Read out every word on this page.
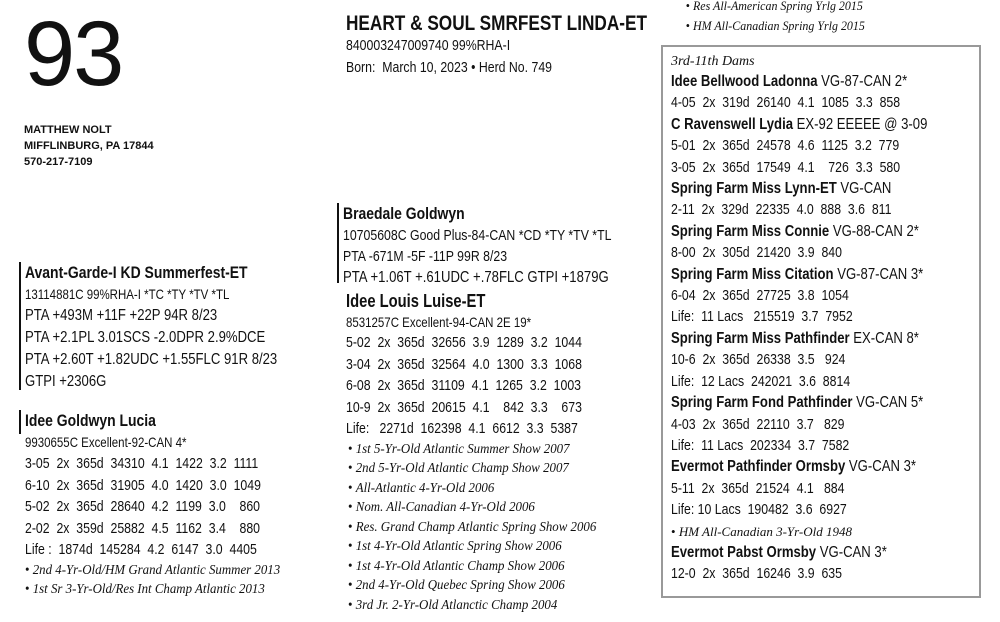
93
MATTHEW NOLT
MIFFLINBURG, PA 17844
570-217-7109
HEART & SOUL SMRFEST LINDA-ET
840003247009740 99%RHA-I
Born:  March 10, 2023 • Herd No. 749
• Res All-American Spring Yrlg 2015
• HM All-Canadian Spring Yrlg 2015
Braedale Goldwyn
10705608C Good Plus-84-CAN *CD *TY *TV *TL
PTA -671M -5F -11P 99R 8/23
PTA +1.06T +.61UDC +.78FLC GTPI +1879G
Idee Louis Luise-ET
8531257C Excellent-94-CAN 2E 19*
5-02  2x  365d  32656  3.9  1289  3.2  1044
3-04  2x  365d  32564  4.0  1300  3.3  1068
6-08  2x  365d  31109  4.1  1265  3.2  1003
10-9  2x  365d  20615  4.1    842  3.3    673
Life:   2271d  162398  4.1  6612  3.3  5387
• 1st 5-Yr-Old Atlantic Summer Show 2007
• 2nd 5-Yr-Old Atlantic Champ Show 2007
• All-Atlantic 4-Yr-Old 2006
• Nom. All-Canadian 4-Yr-Old 2006
• Res. Grand Champ Atlantic Spring Show 2006
• 1st 4-Yr-Old Atlantic Spring Show 2006
• 1st 4-Yr-Old Atlantic Champ Show 2006
• 2nd 4-Yr-Old Quebec Spring Show 2006
• 3rd Jr. 2-Yr-Old Atlanctic Champ 2004
Avant-Garde-I KD Summerfest-ET
13114881C 99%RHA-I *TC *TY *TV *TL
PTA +493M +11F +22P 94R 8/23
PTA +2.1PL 3.01SCS -2.0DPR 2.9%DCE
PTA +2.60T +1.82UDC +1.55FLC 91R 8/23
GTPI +2306G
Idee Goldwyn Lucia
9930655C Excellent-92-CAN 4*
3-05  2x  365d  34310  4.1  1422  3.2  1111
6-10  2x  365d  31905  4.0  1420  3.0  1049
5-02  2x  365d  28640  4.2  1199  3.0    860
2-02  2x  359d  25882  4.5  1162  3.4    880
Life :  1874d  145284  4.2  6147  3.0  4405
• 2nd 4-Yr-Old/HM Grand Atlantic Summer 2013
• 1st Sr 3-Yr-Old/Res Int Champ Atlantic 2013
3rd-11th Dams
Idee Bellwood Ladonna VG-87-CAN 2*
4-05  2x  319d  26140  4.1  1085  3.3  858
C Ravenswell Lydia EX-92 EEEEE @ 3-09
5-01  2x  365d  24578  4.6  1125  3.2  779
3-05  2x  365d  17549  4.1    726  3.3  580
Spring Farm Miss Lynn-ET VG-CAN
2-11  2x  329d  22335  4.0  888  3.6  811
Spring Farm Miss Connie VG-88-CAN 2*
8-00  2x  305d  21420  3.9  840
Spring Farm Miss Citation VG-87-CAN 3*
6-04  2x  365d  27725  3.8  1054
Life:  11 Lacs   215519  3.7  7952
Spring Farm Miss Pathfinder EX-CAN 8*
10-6  2x  365d  26338  3.5   924
Life:  12 Lacs  242021  3.6  8814
Spring Farm Fond Pathfinder VG-CAN 5*
4-03  2x  365d  22110  3.7   829
Life:  11 Lacs  202334  3.7  7582
Evermot Pathfinder Ormsby VG-CAN 3*
5-11  2x  365d  21524  4.1   884
Life: 10 Lacs  190482  3.6  6927
• HM All-Canadian 3-Yr-Old 1948
Evermot Pabst Ormsby VG-CAN 3*
12-0  2x  365d  16246  3.9  635
